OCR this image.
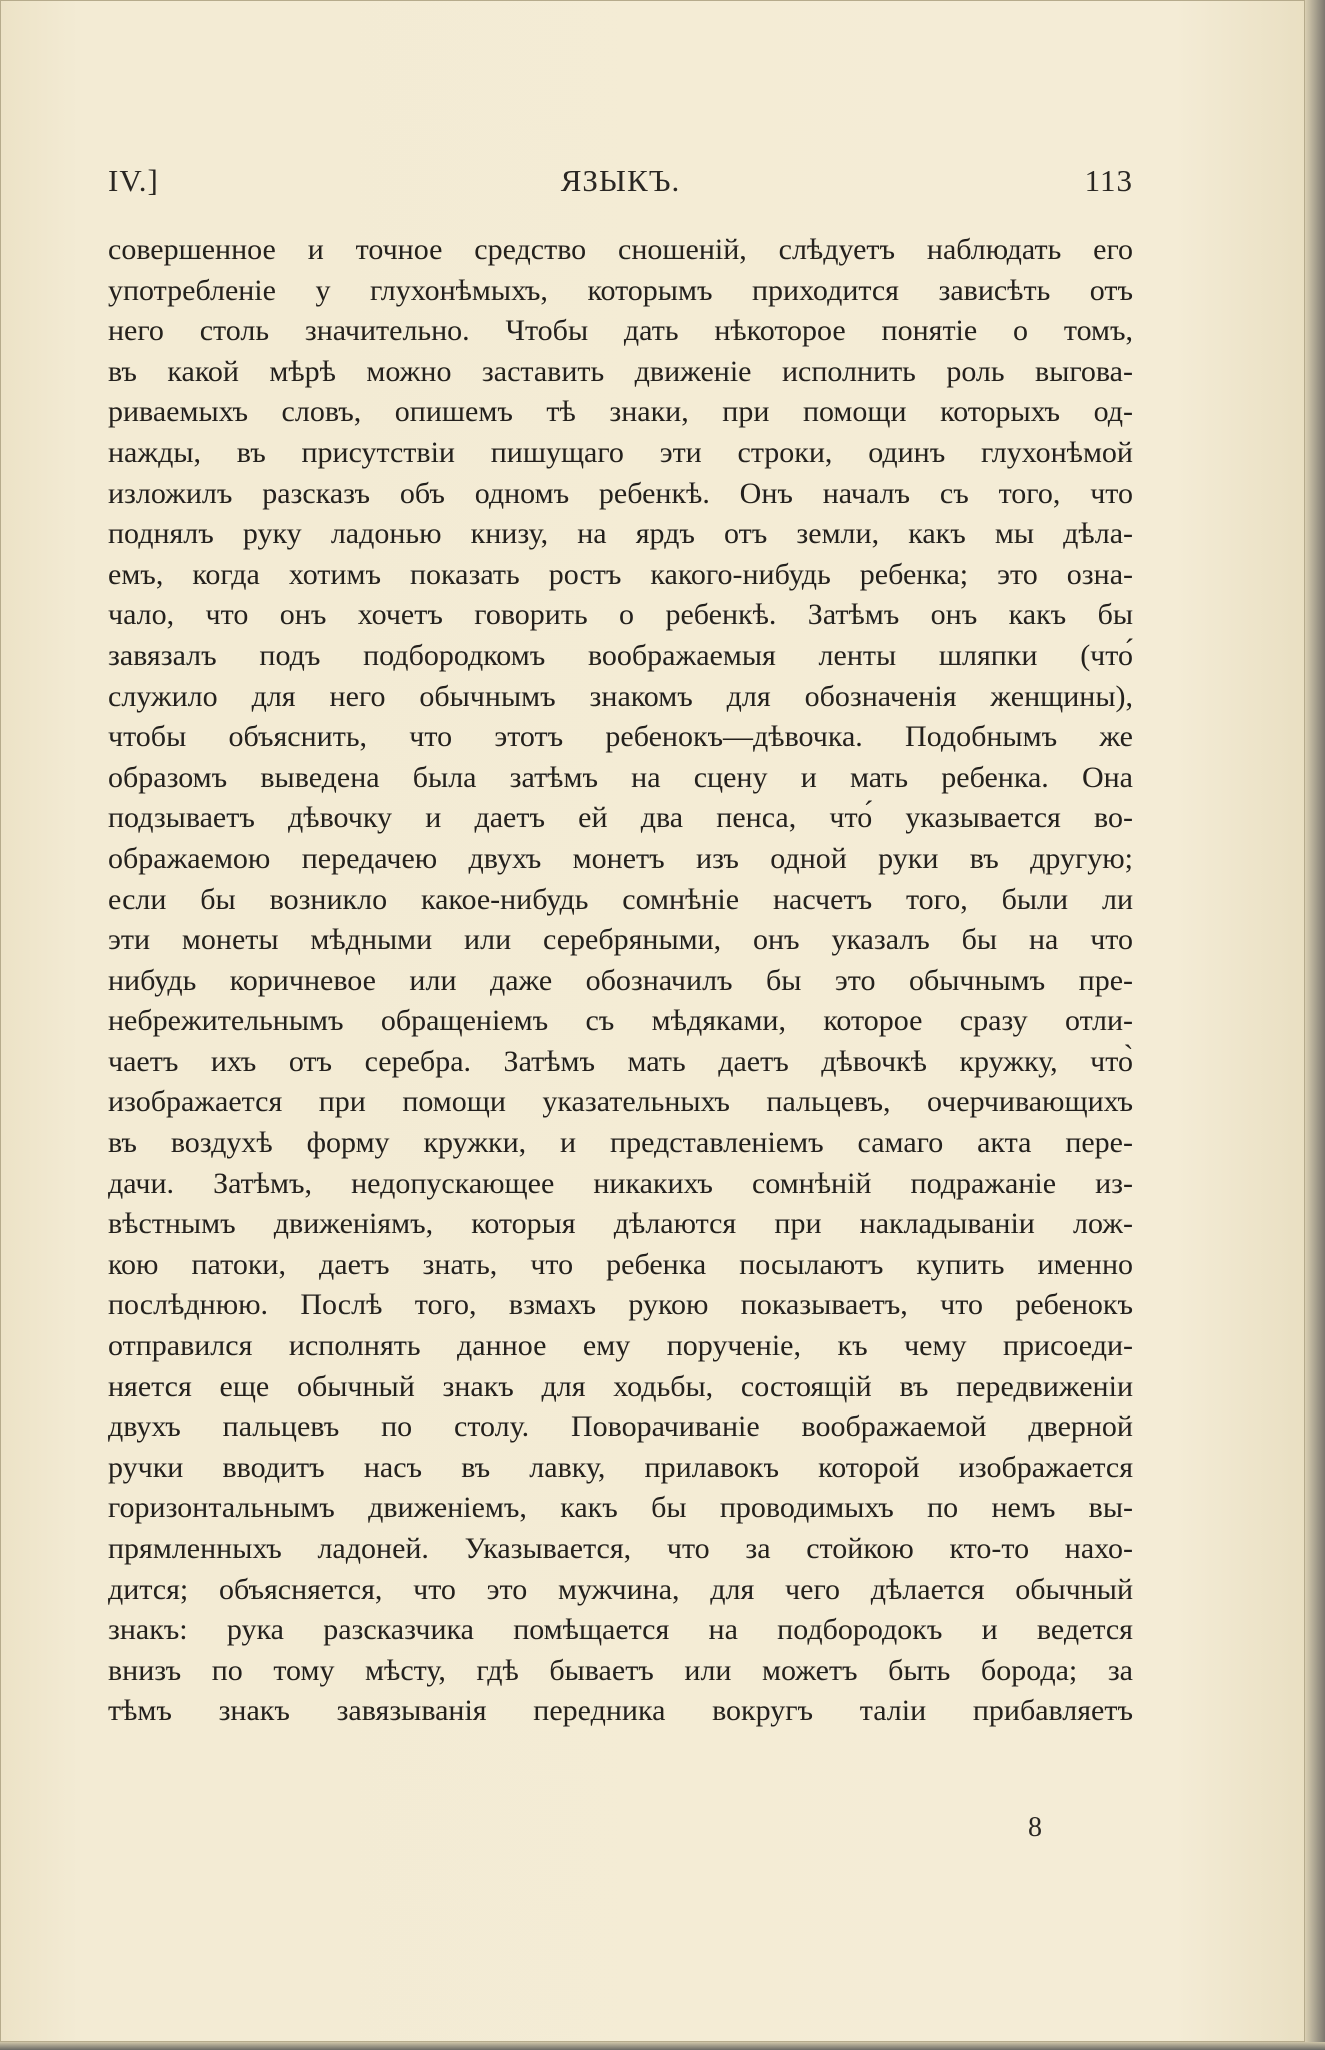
IV.]	ЯЗЫКЪ.	113
совершенное и точное средство сношеній, слѣдуетъ наблюдать его
употребленіе у глухонѣмыхъ, которымъ приходится зависѣть отъ
него столь значительно. Чтобы дать нѣкоторое понятіе о томъ,
въ какой мѣрѣ можно заставить движеніе исполнить роль выгова-
риваемыхъ словъ, опишемъ тѣ знаки, при помощи которыхъ од-
нажды, въ присутствіи пишущаго эти строки, одинъ глухонѣмой
изложилъ разсказъ объ одномъ ребенкѣ. Онъ началъ съ того, что
поднялъ руку ладонью книзу, на ярдъ отъ земли, какъ мы дѣла-
емъ, когда хотимъ показать ростъ какого-нибудь ребенка; это озна-
чало, что онъ хочетъ говорить о ребенкѣ. Затѣмъ онъ какъ бы
завязалъ подъ подбородкомъ воображаемыя ленты шляпки (что́
служило для него обычнымъ знакомъ для обозначенія женщины),
чтобы объяснить, что этотъ ребенокъ—дѣвочка. Подобнымъ же
образомъ выведена была затѣмъ на сцену и мать ребенка. Она
подзываетъ дѣвочку и даетъ ей два пенса, что́ указывается во-
ображаемою передачею двухъ монетъ изъ одной руки въ другую;
если бы возникло какое-нибудь сомнѣніе насчетъ того, были ли
эти монеты мѣдными или серебряными, онъ указалъ бы на что
нибудь коричневое или даже обозначилъ бы это обычнымъ пре-
небрежительнымъ обращеніемъ съ мѣдяками, которое сразу отли-
чаетъ ихъ отъ серебра. Затѣмъ мать даетъ дѣвочкѣ кружку, что̀
изображается при помощи указательныхъ пальцевъ, очерчивающихъ
въ воздухѣ форму кружки, и представленіемъ самаго акта пере-
дачи. Затѣмъ, недопускающее никакихъ сомнѣній подражаніе из-
вѣстнымъ движеніямъ, которыя дѣлаются при накладываніи лож-
кою патоки, даетъ знать, что ребенка посылаютъ купить именно
послѣднюю. Послѣ того, взмахъ рукою показываетъ, что ребенокъ
отправился исполнять данное ему порученіе, къ чему присоеди-
няется еще обычный знакъ для ходьбы, состоящій въ передвиженіи
двухъ пальцевъ по столу. Поворачиваніе воображаемой дверной
ручки вводитъ насъ въ лавку, прилавокъ которой изображается
горизонтальнымъ движеніемъ, какъ бы проводимыхъ по немъ вы-
прямленныхъ ладоней. Указывается, что за стойкою кто-то нахо-
дится; объясняется, что это мужчина, для чего дѣлается обычный
знакъ: рука разсказчика помѣщается на подбородокъ и ведется
внизъ по тому мѣсту, гдѣ бываетъ или можетъ быть борода; за
тѣмъ знакъ завязыванія передника вокругъ таліи прибавляетъ
8
